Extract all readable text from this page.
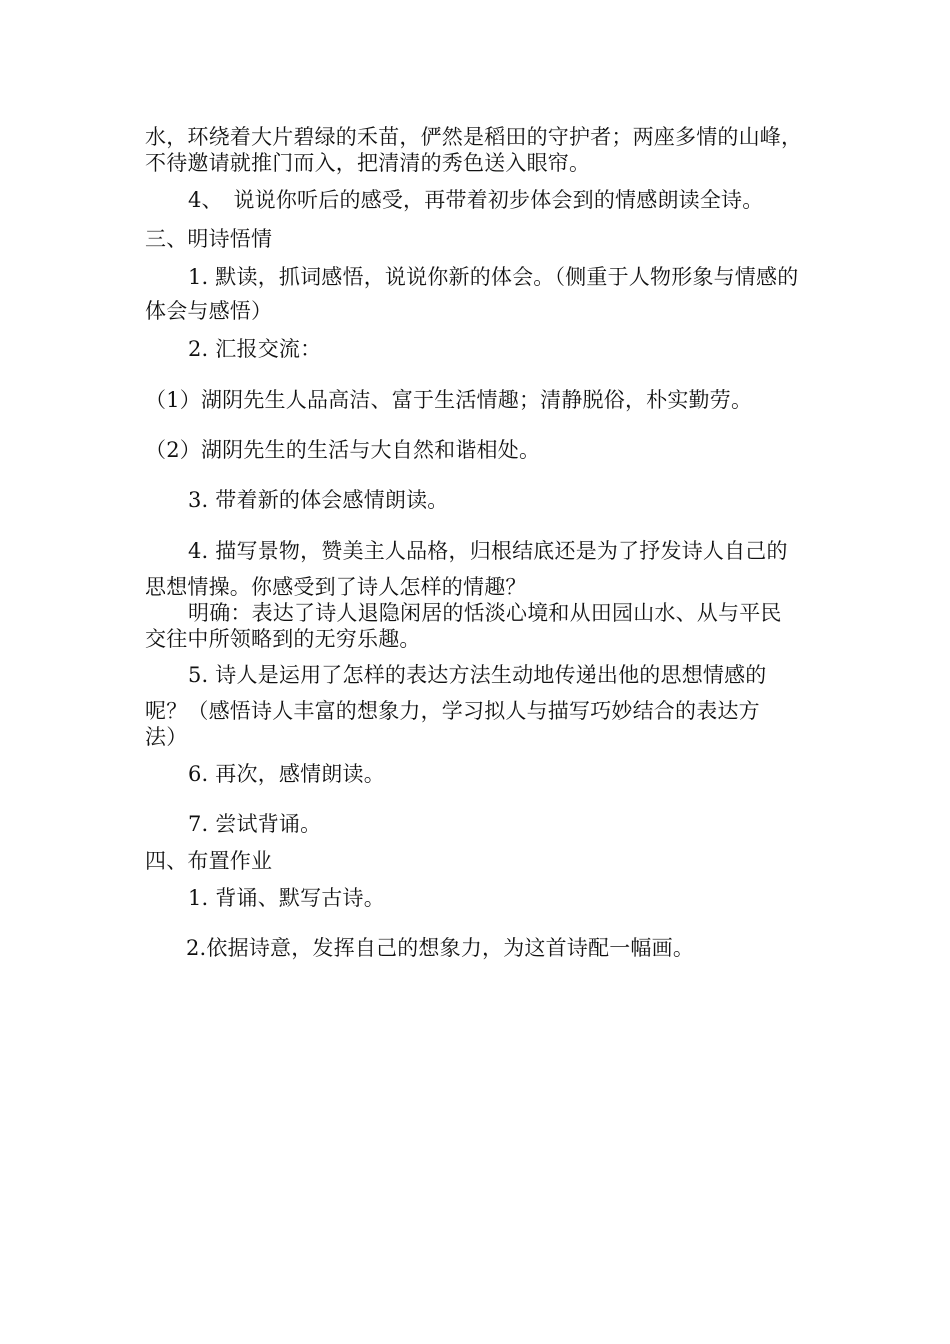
水，环绕着大片碧绿的禾苗，俨然是稻田的守护者；两座多情的山峰，
不待邀请就推门而入，把清清的秀色送入眼帘。
4、　说说你听后的感受，再带着初步体会到的情感朗读全诗。
三、明诗悟情
1. 默读，抓词感悟，说说你新的体会。（侧重于人物形象与情感的
体会与感悟）
2. 汇报交流：
（1）湖阴先生人品高洁、富于生活情趣；清静脱俗，朴实勤劳。
（2）湖阴先生的生活与大自然和谐相处。
3. 带着新的体会感情朗读。
4. 描写景物，赞美主人品格，归根结底还是为了抒发诗人自己的
思想情操。你感受到了诗人怎样的情趣？
明确：表达了诗人退隐闲居的恬淡心境和从田园山水、从与平民
交往中所领略到的无穷乐趣。
5. 诗人是运用了怎样的表达方法生动地传递出他的思想情感的
呢？（感悟诗人丰富的想象力，学习拟人与描写巧妙结合的表达方
法）
6. 再次，感情朗读。
7. 尝试背诵。
四、布置作业
1. 背诵、默写古诗。
2.依据诗意，发挥自己的想象力，为这首诗配一幅画。
